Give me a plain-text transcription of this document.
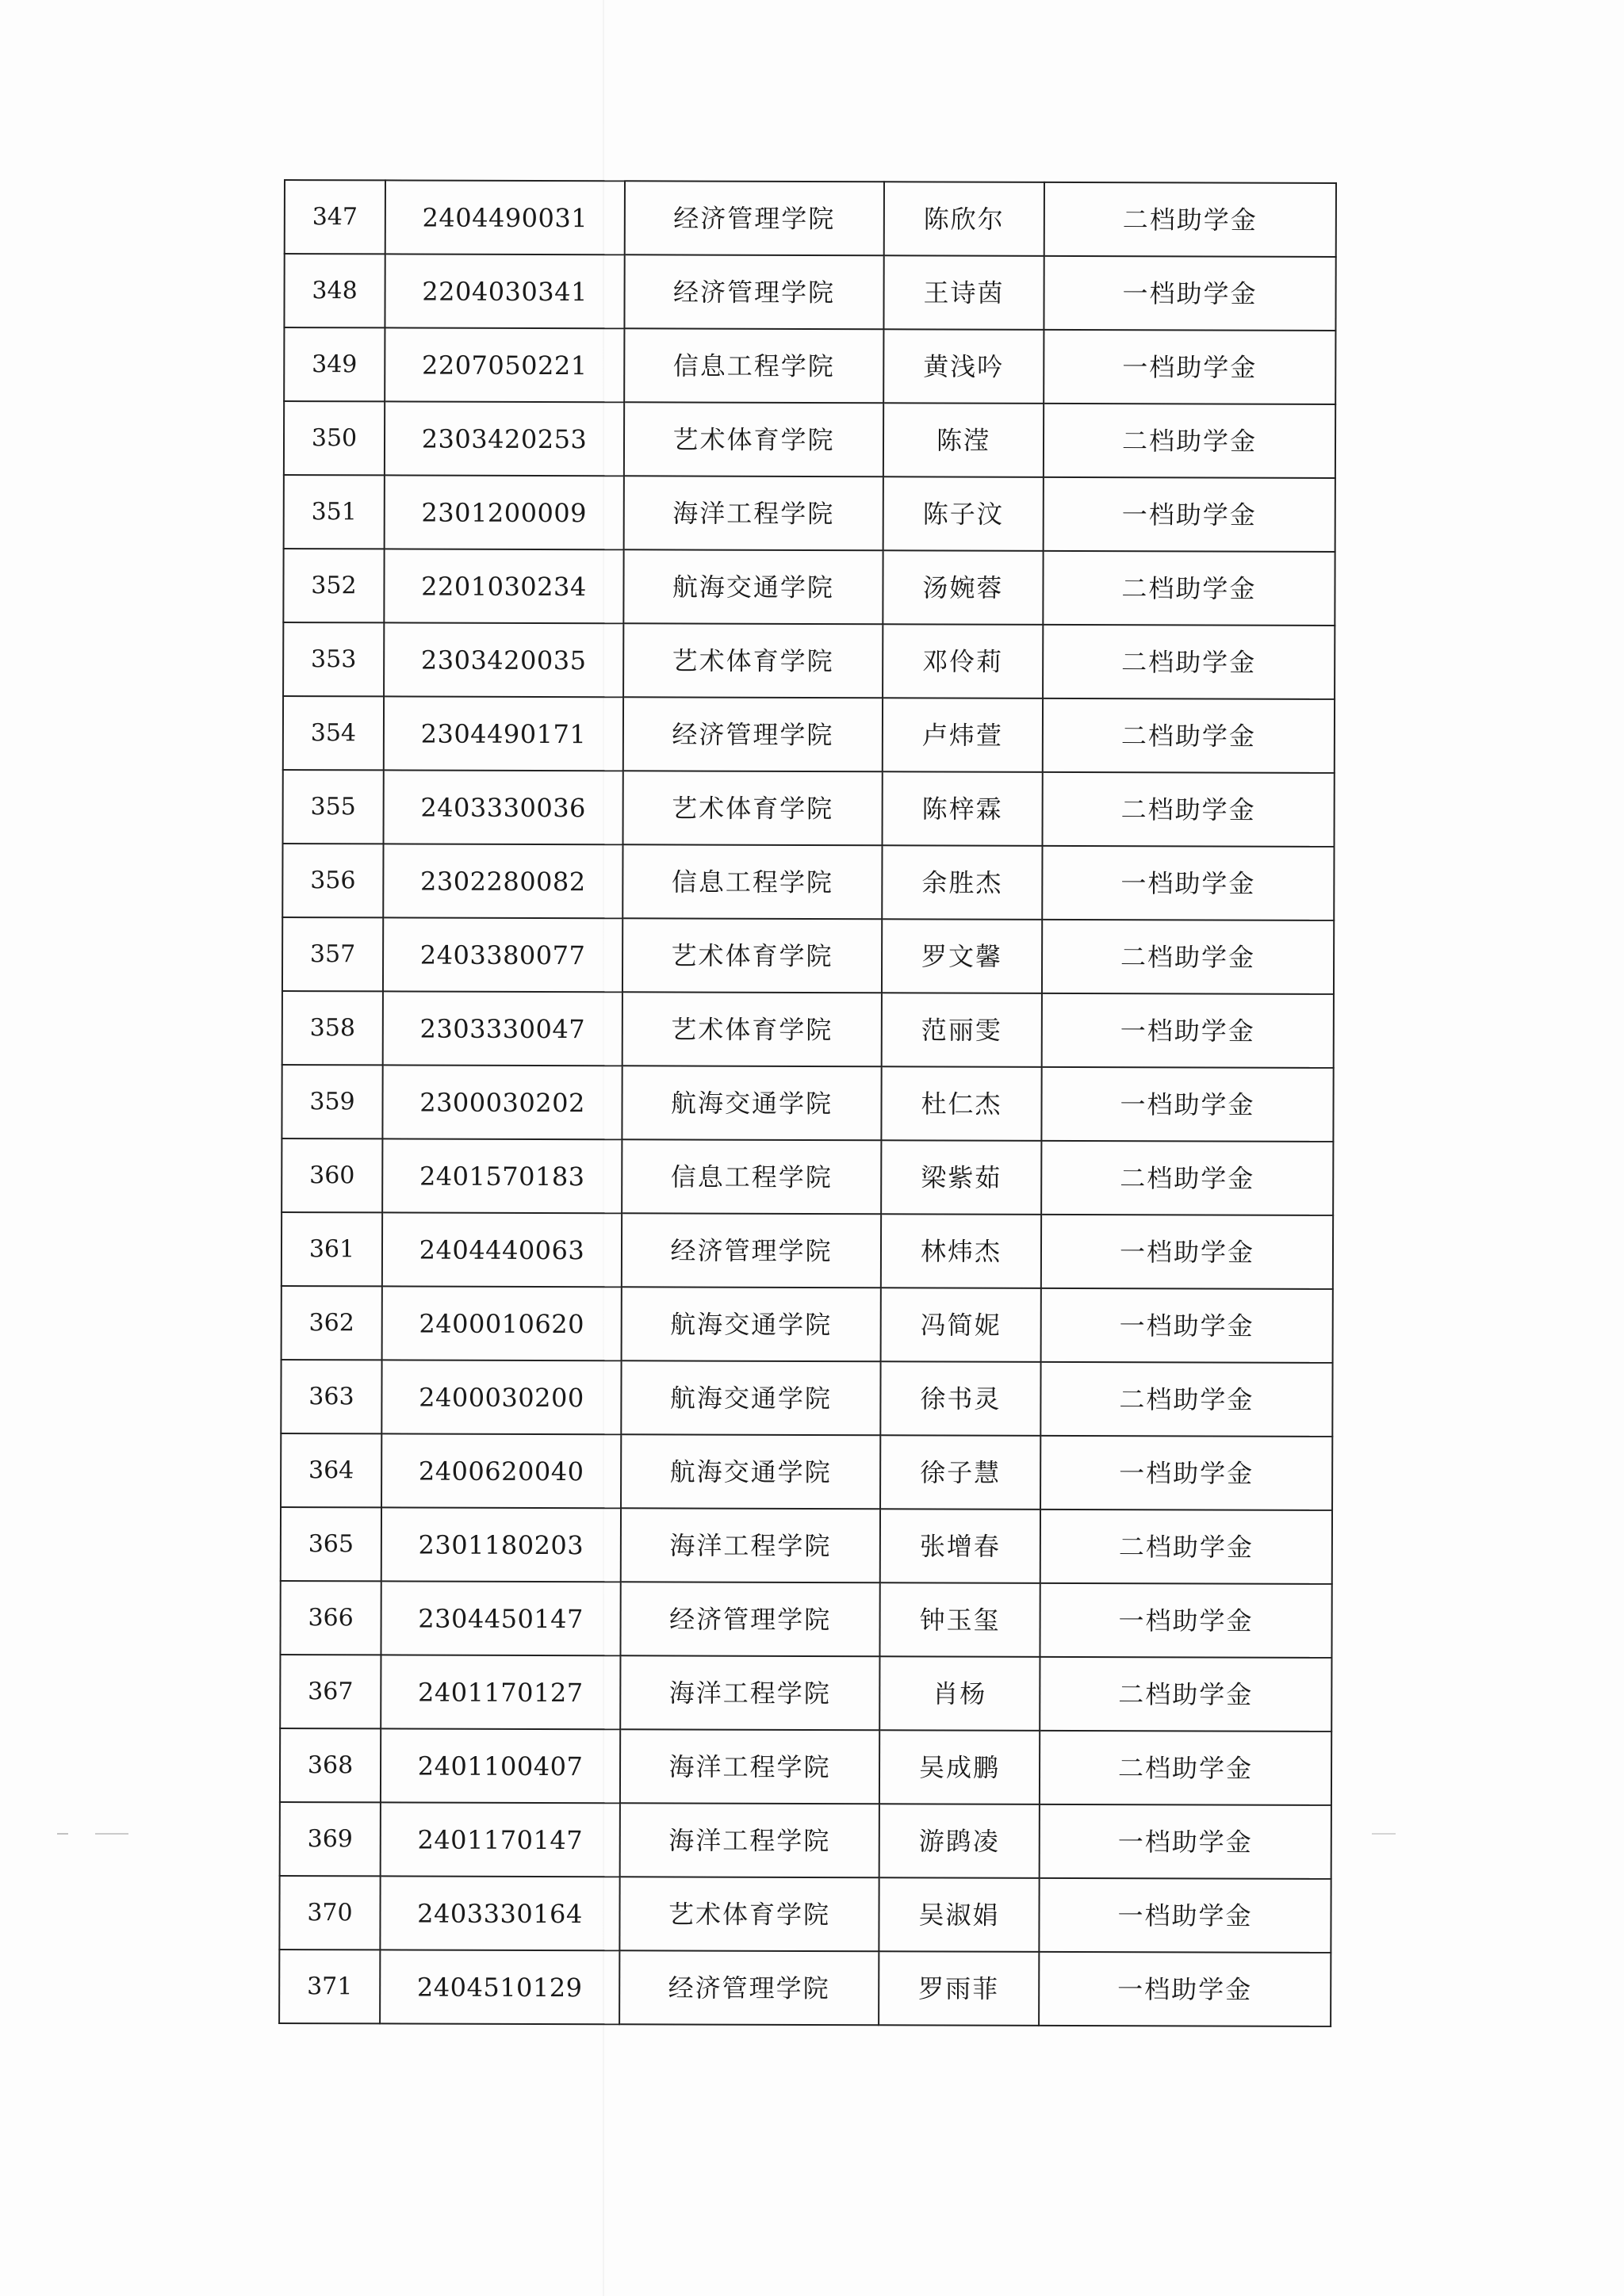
347	2404490031	经济管理学院	陈欣尔	二档助学金
348	2204030341	经济管理学院	王诗茵	一档助学金
349	2207050221	信息工程学院	黄浅吟	一档助学金
350	2303420253	艺术体育学院	陈滢	二档助学金
351	2301200009	海洋工程学院	陈子汶	一档助学金
352	2201030234	航海交通学院	汤婉蓉	二档助学金
353	2303420035	艺术体育学院	邓伶莉	二档助学金
354	2304490171	经济管理学院	卢炜萱	二档助学金
355	2403330036	艺术体育学院	陈梓霖	二档助学金
356	2302280082	信息工程学院	余胜杰	一档助学金
357	2403380077	艺术体育学院	罗文馨	二档助学金
358	2303330047	艺术体育学院	范丽雯	一档助学金
359	2300030202	航海交通学院	杜仁杰	一档助学金
360	2401570183	信息工程学院	梁紫茹	二档助学金
361	2404440063	经济管理学院	林炜杰	一档助学金
362	2400010620	航海交通学院	冯简妮	一档助学金
363	2400030200	航海交通学院	徐书灵	二档助学金
364	2400620040	航海交通学院	徐子慧	一档助学金
365	2301180203	海洋工程学院	张增春	二档助学金
366	2304450147	经济管理学院	钟玉玺	一档助学金
367	2401170127	海洋工程学院	肖杨	二档助学金
368	2401100407	海洋工程学院	吴成鹏	二档助学金
369	2401170147	海洋工程学院	游鹍凌	一档助学金
370	2403330164	艺术体育学院	吴淑娟	一档助学金
371	2404510129	经济管理学院	罗雨菲	一档助学金
